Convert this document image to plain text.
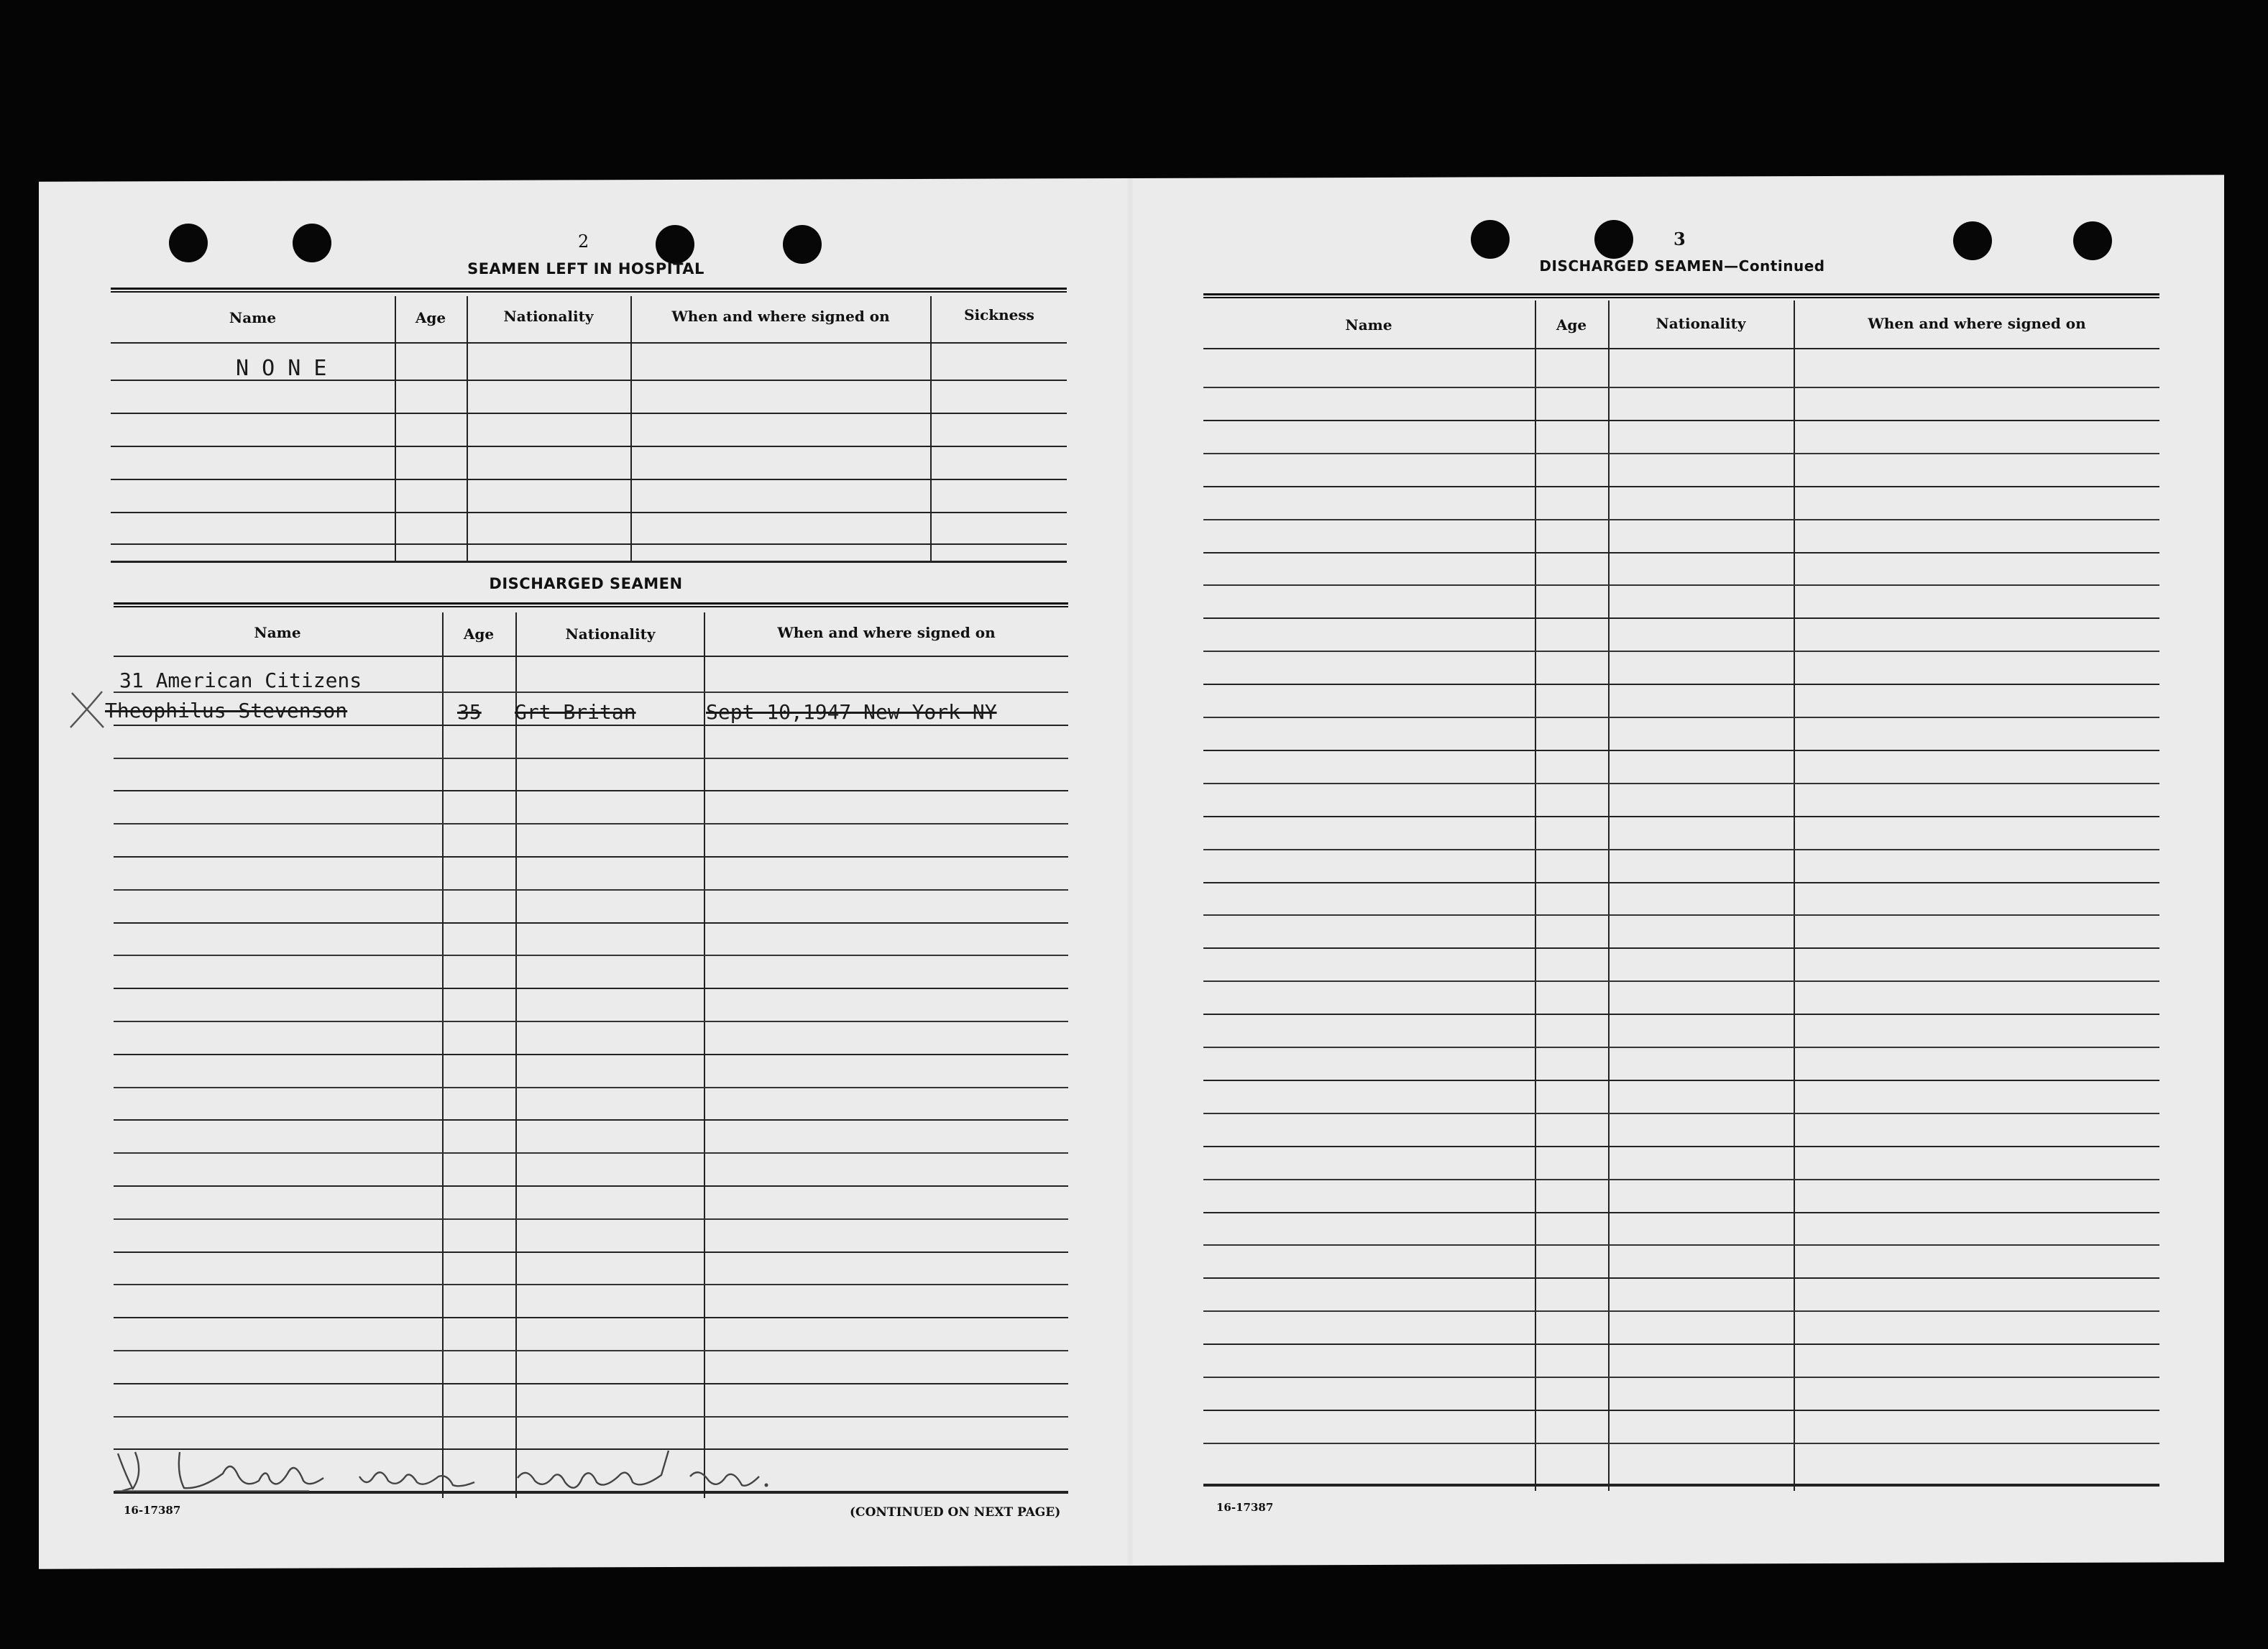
2
SEAMEN LEFT IN HOSPITAL
Name	Age	Nationality	When and where signed on	Sickness
N O N E
DISCHARGED SEAMEN
Name	Age	Nationality	When and where signed on
31 American Citizens
Theophilus Stevenson	35 Grt Britan	Sept 10,1947 New York NY
16-17387	(CONTINUED ON NEXT PAGE)
3
DISCHARGED SEAMEN—Continued
Name	Age	Nationality	When and where signed on
16-17387
